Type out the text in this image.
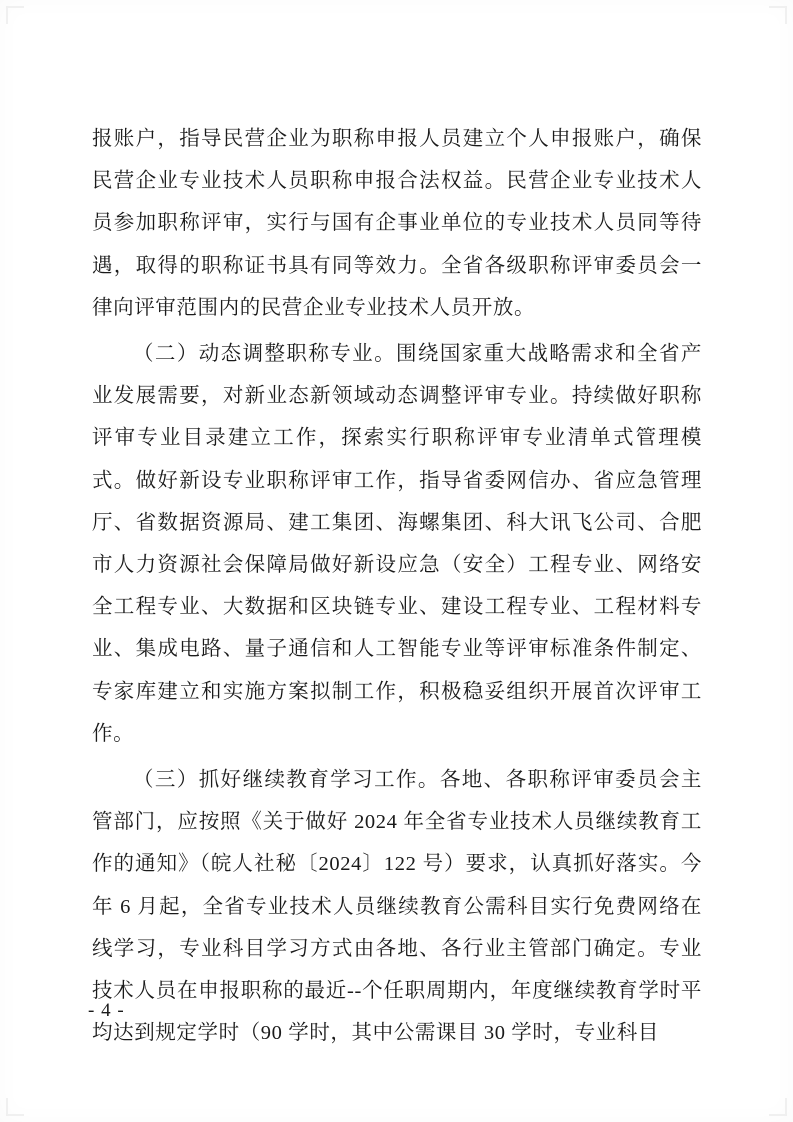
报账户，指导民营企业为职称申报人员建立个人申报账户，确保民营企业专业技术人员职称申报合法权益。民营企业专业技术人员参加职称评审，实行与国有企事业单位的专业技术人员同等待遇，取得的职称证书具有同等效力。全省各级职称评审委员会一律向评审范围内的民营企业专业技术人员开放。

（二）动态调整职称专业。围绕国家重大战略需求和全省产业发展需要，对新业态新领域动态调整评审专业。持续做好职称评审专业目录建立工作，探索实行职称评审专业清单式管理模式。做好新设专业职称评审工作，指导省委网信办、省应急管理厅、省数据资源局、建工集团、海螺集团、科大讯飞公司、合肥市人力资源社会保障局做好新设应急（安全）工程专业、网络安全工程专业、大数据和区块链专业、建设工程专业、工程材料专业、集成电路、量子通信和人工智能专业等评审标准条件制定、专家库建立和实施方案拟制工作，积极稳妥组织开展首次评审工作。

（三）抓好继续教育学习工作。各地、各职称评审委员会主管部门，应按照《关于做好 2024 年全省专业技术人员继续教育工作的通知》（皖人社秘〔2024〕122 号）要求，认真抓好落实。今年 6 月起，全省专业技术人员继续教育公需科目实行免费网络在线学习，专业科目学习方式由各地、各行业主管部门确定。专业技术人员在申报职称的最近--个任职周期内，年度继续教育学时平均达到规定学时（90 学时，其中公需课目 30 学时，专业科目

- 4 -
